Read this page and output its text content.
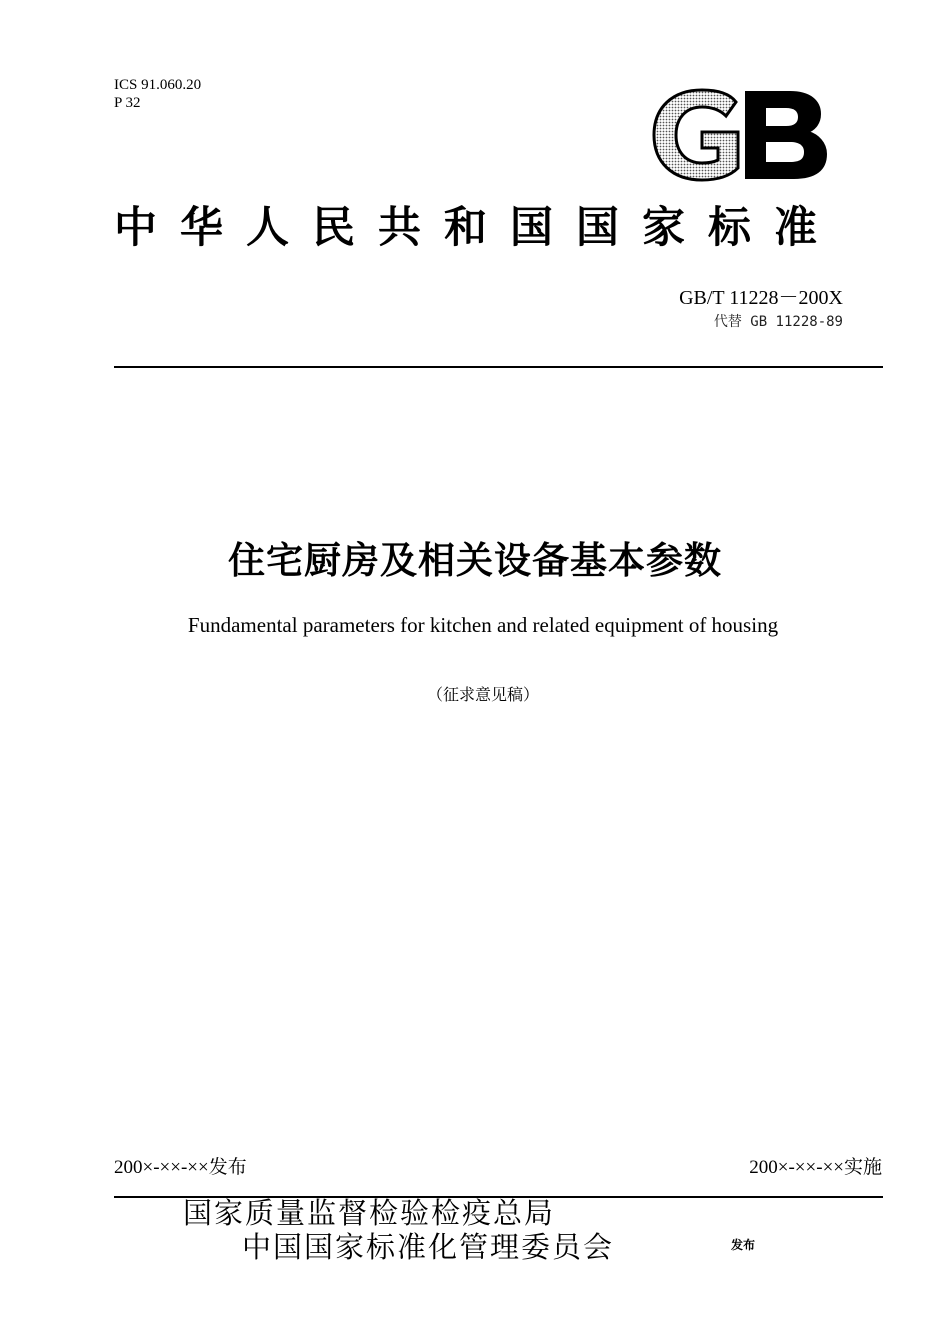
ICS 91.060.20
P 32
中华人民共和国国家标准
GB/T 11228－200X
代替 GB 11228-89
住宅厨房及相关设备基本参数
Fundamental parameters for kitchen and related equipment of housing
（征求意见稿）
200×-××-××发布	200×-××-××实施
国家质量监督检验检疫总局
中国国家标准化管理委员会	发布
